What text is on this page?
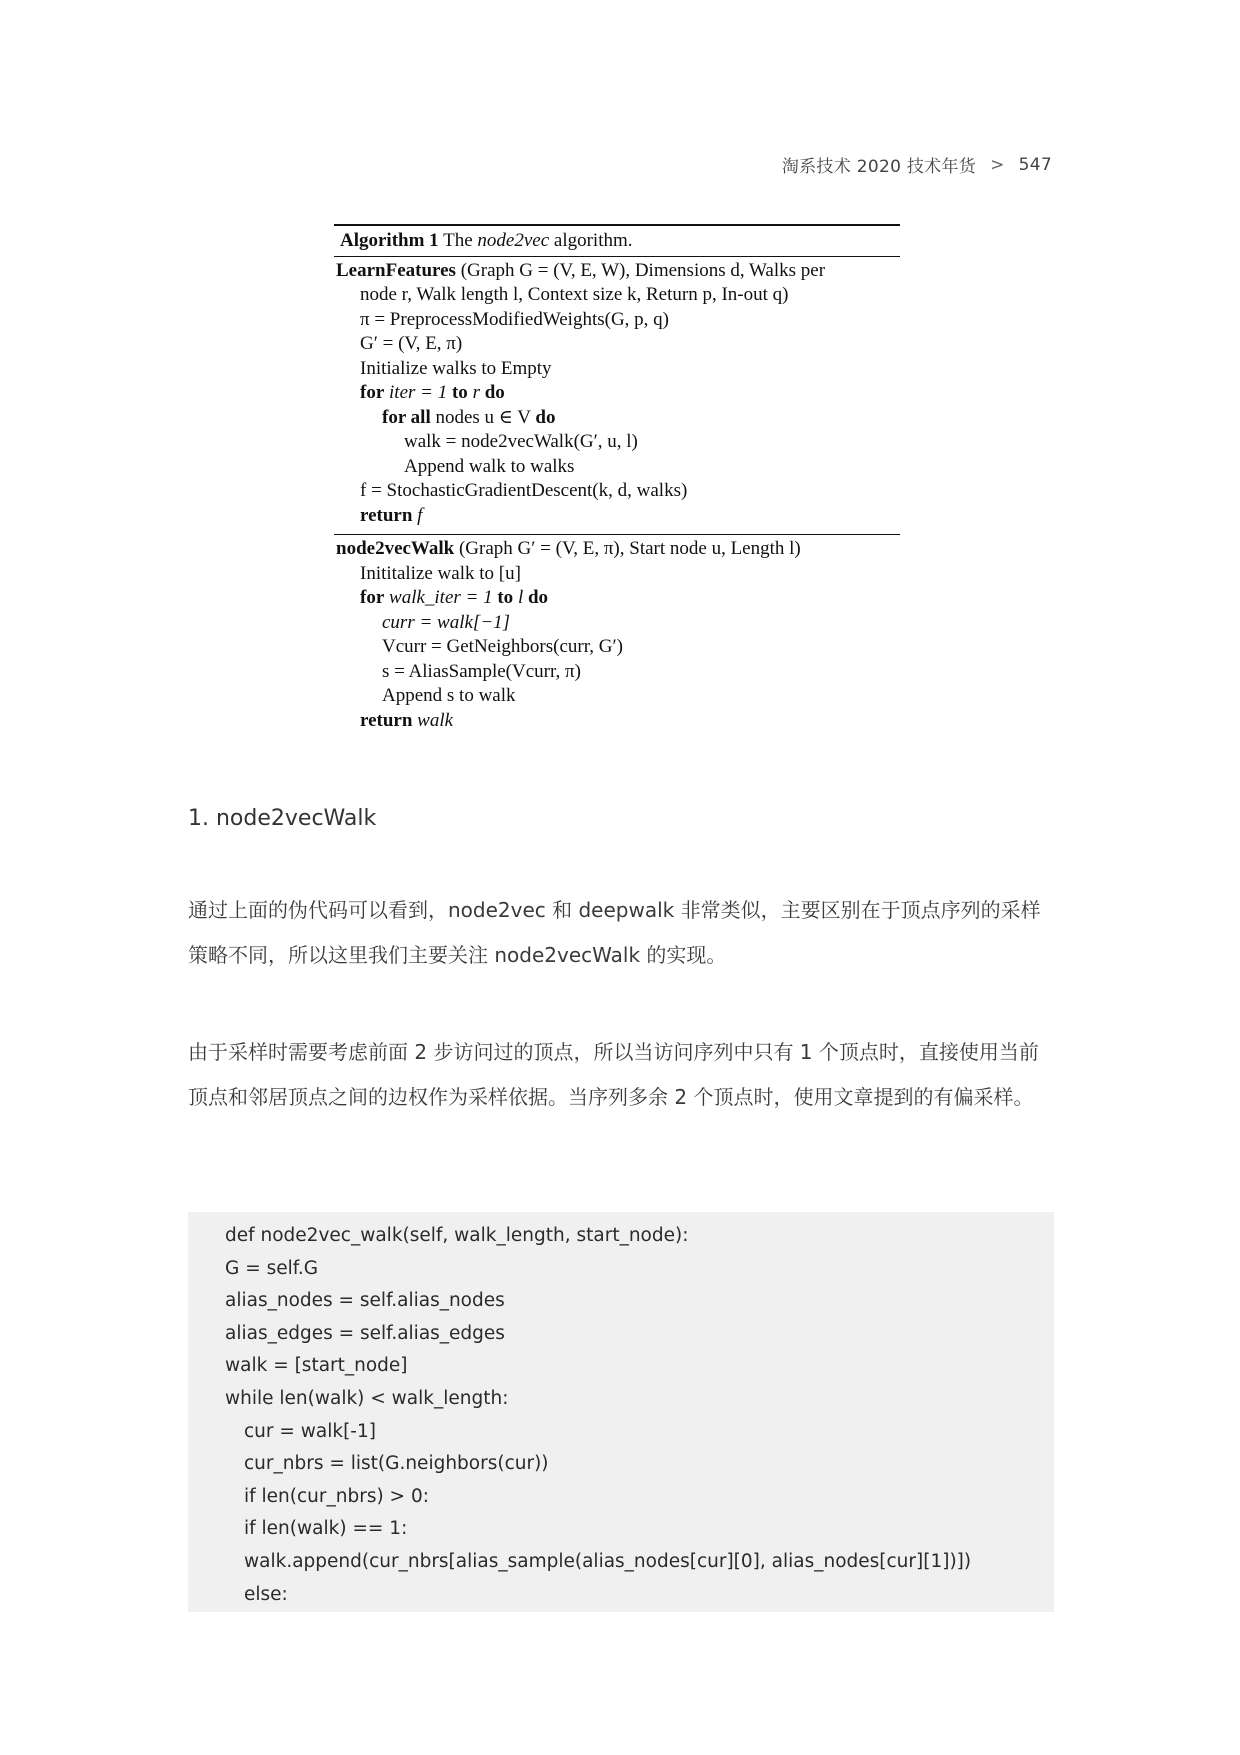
淘系技术 2020 技术年货 > 547
Algorithm 1 The node2vec algorithm.
LearnFeatures (Graph G = (V, E, W), Dimensions d, Walks per
node r, Walk length l, Context size k, Return p, In-out q)
π = PreprocessModifiedWeights(G, p, q)
G′ = (V, E, π)
Initialize walks to Empty
for iter = 1 to r do
for all nodes u ∈ V do
walk = node2vecWalk(G′, u, l)
Append walk to walks
f = StochasticGradientDescent(k, d, walks)
return f
node2vecWalk (Graph G′ = (V, E, π), Start node u, Length l)
Inititalize walk to [u]
for walk_iter = 1 to l do
curr = walk[−1]
Vcurr = GetNeighbors(curr, G′)
s = AliasSample(Vcurr, π)
Append s to walk
return walk
1. node2vecWalk

通过上面的伪代码可以看到，node2vec 和 deepwalk 非常类似，主要区别在于顶点序列的采样策略不同，所以这里我们主要关注 node2vecWalk 的实现。

由于采样时需要考虑前面 2 步访问过的顶点，所以当访问序列中只有 1 个顶点时，直接使用当前顶点和邻居顶点之间的边权作为采样依据。当序列多余 2 个顶点时，使用文章提到的有偏采样。

def node2vec_walk(self, walk_length, start_node):
G = self.G
alias_nodes = self.alias_nodes
alias_edges = self.alias_edges
walk = [start_node]
while len(walk) < walk_length:
cur = walk[-1]
cur_nbrs = list(G.neighbors(cur))
if len(cur_nbrs) > 0:
if len(walk) == 1:
walk.append(cur_nbrs[alias_sample(alias_nodes[cur][0], alias_nodes[cur][1])])
else:
